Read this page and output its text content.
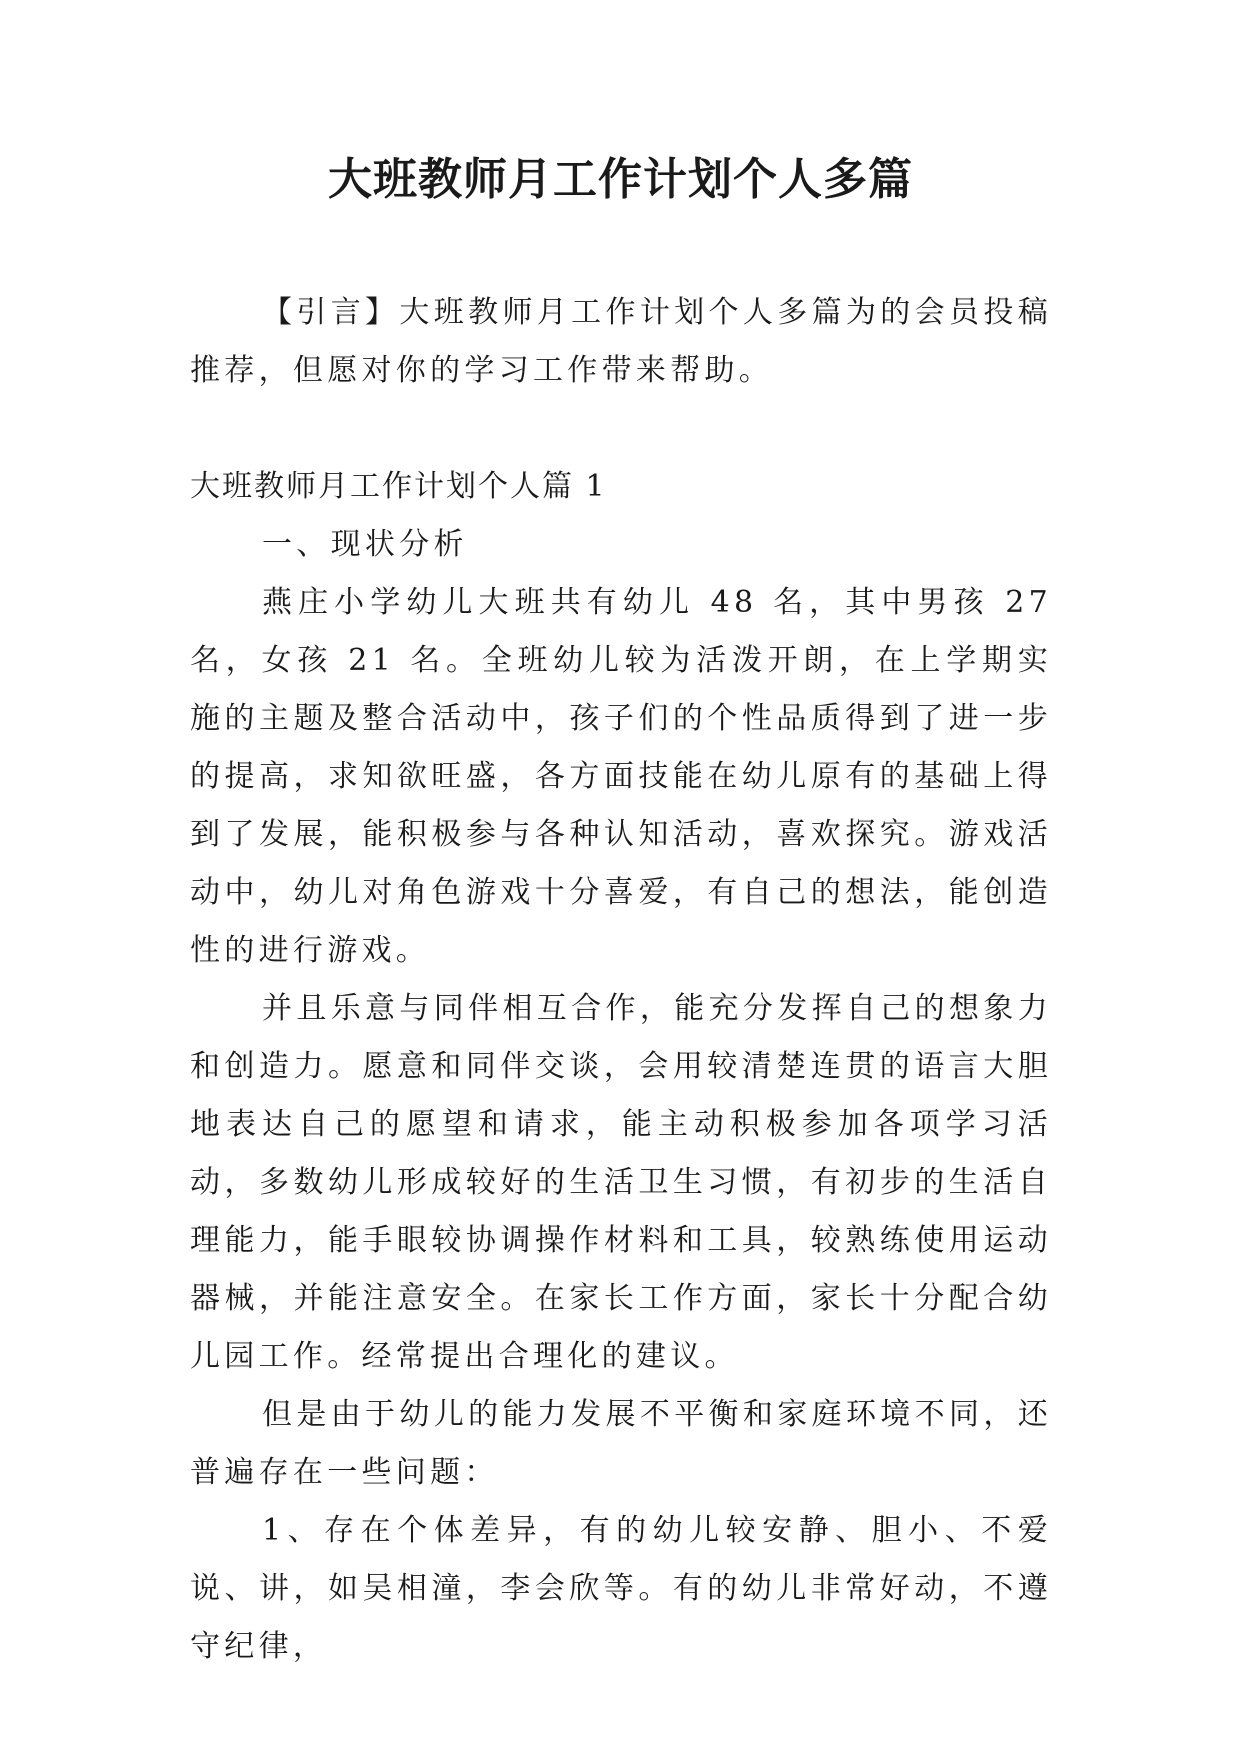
大班教师月工作计划个人多篇

【引言】大班教师月工作计划个人多篇为的会员投稿推荐，但愿对你的学习工作带来帮助。

大班教师月工作计划个人篇 1

一、现状分析

燕庄小学幼儿大班共有幼儿 48 名，其中男孩 27 名，女孩 21 名。全班幼儿较为活泼开朗，在上学期实施的主题及整合活动中，孩子们的个性品质得到了进一步的提高，求知欲旺盛，各方面技能在幼儿原有的基础上得到了发展，能积极参与各种认知活动，喜欢探究。游戏活动中，幼儿对角色游戏十分喜爱，有自己的想法，能创造性的进行游戏。

并且乐意与同伴相互合作，能充分发挥自己的想象力和创造力。愿意和同伴交谈，会用较清楚连贯的语言大胆地表达自己的愿望和请求，能主动积极参加各项学习活动，多数幼儿形成较好的生活卫生习惯，有初步的生活自理能力，能手眼较协调操作材料和工具，较熟练使用运动器械，并能注意安全。在家长工作方面，家长十分配合幼儿园工作。经常提出合理化的建议。

但是由于幼儿的能力发展不平衡和家庭环境不同，还普遍存在一些问题：

1、存在个体差异，有的幼儿较安静、胆小、不爱说、讲，如吴相潼，李会欣等。有的幼儿非常好动，不遵守纪律，
